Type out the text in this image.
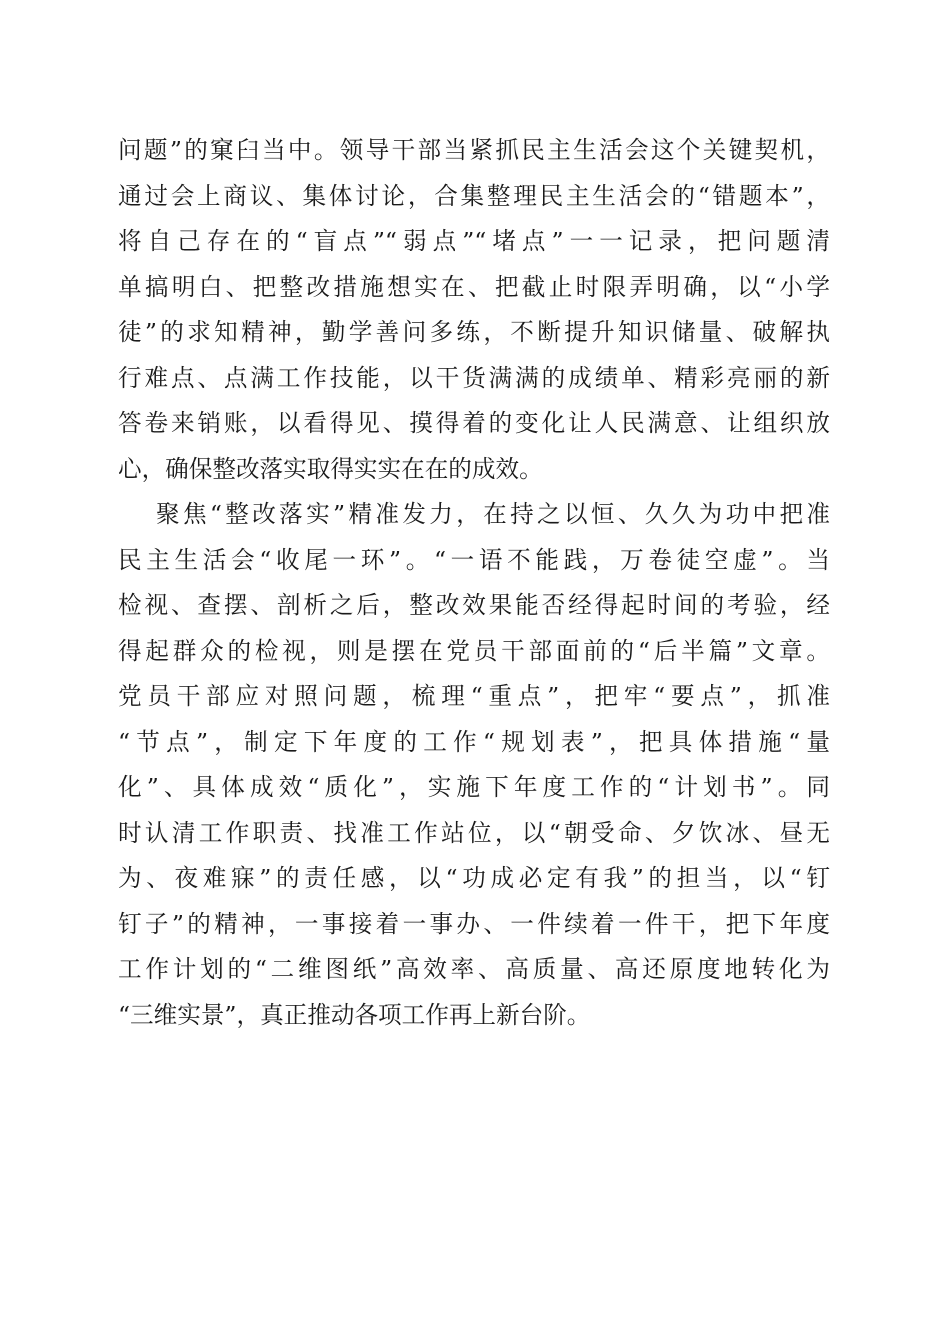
问题”的窠臼当中。领导干部当紧抓民主生活会这个关键契机，
通过会上商议、集体讨论，合集整理民主生活会的“错题本”，
将自己存在的“盲点”“弱点”“堵点”一一记录，把问题清
单搞明白、把整改措施想实在、把截止时限弄明确，以“小学
徒”的求知精神，勤学善问多练，不断提升知识储量、破解执
行难点、点满工作技能，以干货满满的成绩单、精彩亮丽的新
答卷来销账，以看得见、摸得着的变化让人民满意、让组织放
心，确保整改落实取得实实在在的成效。
聚焦“整改落实”精准发力，在持之以恒、久久为功中把准
民主生活会“收尾一环”。“一语不能践，万卷徒空虚”。当
检视、查摆、剖析之后，整改效果能否经得起时间的考验，经
得起群众的检视，则是摆在党员干部面前的“后半篇”文章。
党员干部应对照问题，梳理“重点”，把牢“要点”，抓准
“节点”，制定下年度的工作“规划表”，把具体措施“量
化”、具体成效“质化”，实施下年度工作的“计划书”。同
时认清工作职责、找准工作站位，以“朝受命、夕饮冰、昼无
为、夜难寐”的责任感，以“功成必定有我”的担当，以“钉
钉子”的精神，一事接着一事办、一件续着一件干，把下年度
工作计划的“二维图纸”高效率、高质量、高还原度地转化为
“三维实景”，真正推动各项工作再上新台阶。
